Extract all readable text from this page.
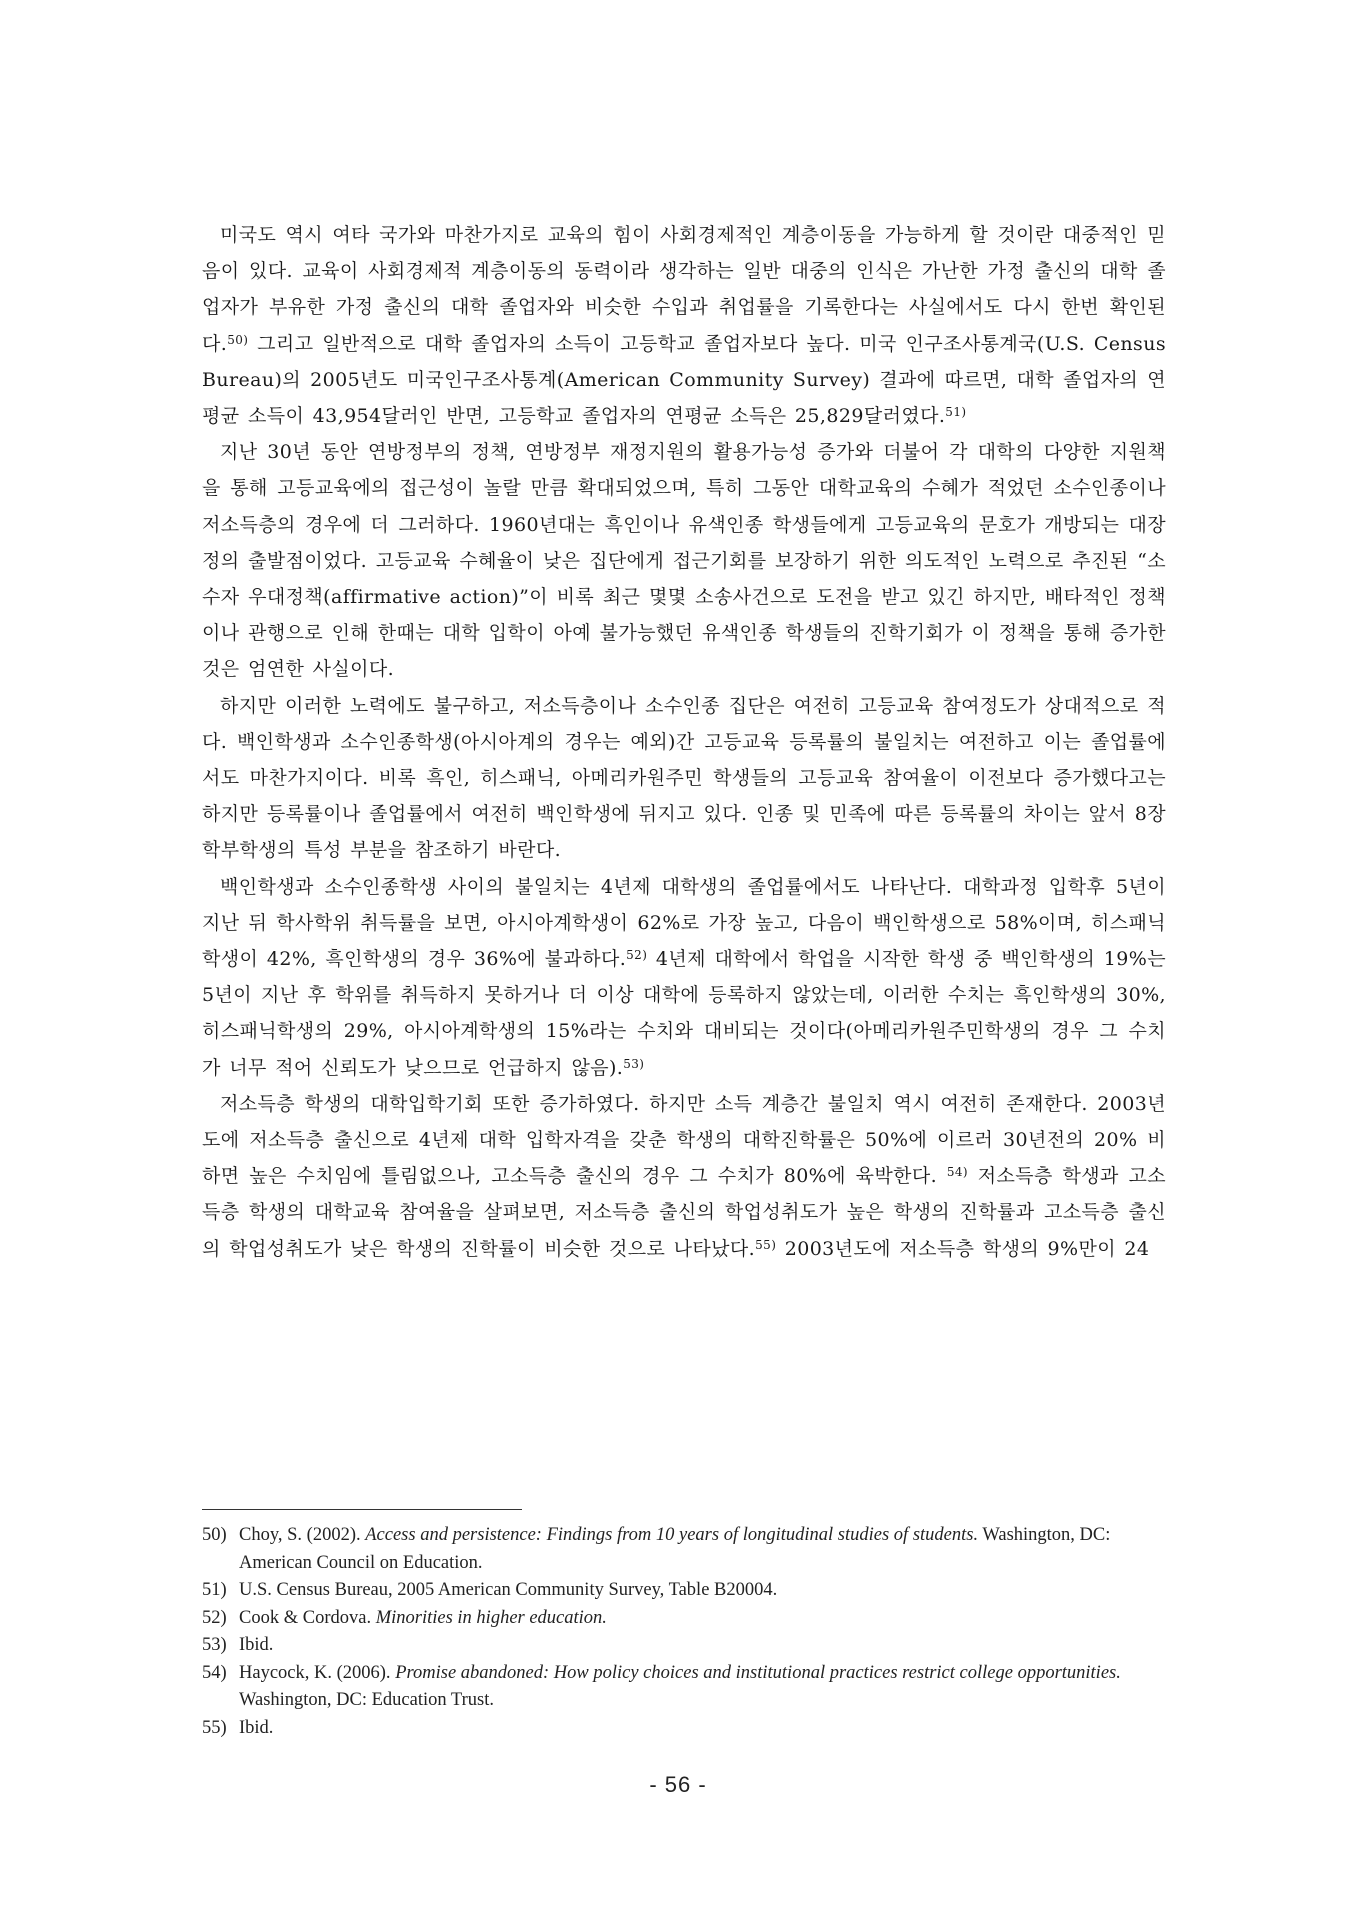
미국도 역시 여타 국가와 마찬가지로 교육의 힘이 사회경제적인 계층이동을 가능하게 할 것이란 대중적인 믿음이 있다. 교육이 사회경제적 계층이동의 동력이라 생각하는 일반 대중의 인식은 가난한 가정 출신의 대학 졸업자가 부유한 가정 출신의 대학 졸업자와 비슷한 수입과 취업률을 기록한다는 사실에서도 다시 한번 확인된다.$^{50)}$ 그리고 일반적으로 대학 졸업자의 소득이 고등학교 졸업자보다 높다. 미국 인구조사통계국(U.S. Census Bureau)의 2005년도 미국인구조사통계(American Community Survey) 결과에 따르면, 대학 졸업자의 연평균 소득이 43,954달러인 반면, 고등학교 졸업자의 연평균 소득은 25,829달러였다.$^{51)}$

지난 30년 동안 연방정부의 정책, 연방정부 재정지원의 활용가능성 증가와 더불어 각 대학의 다양한 지원책을 통해 고등교육에의 접근성이 놀랄 만큼 확대되었으며, 특히 그동안 대학교육의 수혜가 적었던 소수인종이나 저소득층의 경우에 더 그러하다. 1960년대는 흑인이나 유색인종 학생들에게 고등교육의 문호가 개방되는 대장정의 출발점이었다. 고등교육 수혜율이 낮은 집단에게 접근기회를 보장하기 위한 의도적인 노력으로 추진된 “소수자 우대정책(affirmative action)”이 비록 최근 몇몇 소송사건으로 도전을 받고 있긴 하지만, 배타적인 정책이나 관행으로 인해 한때는 대학 입학이 아예 불가능했던 유색인종 학생들의 진학기회가 이 정책을 통해 증가한 것은 엄연한 사실이다.

하지만 이러한 노력에도 불구하고, 저소득층이나 소수인종 집단은 여전히 고등교육 참여정도가 상대적으로 적다. 백인학생과 소수인종학생(아시아계의 경우는 예외)간 고등교육 등록률의 불일치는 여전하고 이는 졸업률에서도 마찬가지이다. 비록 흑인, 히스패닉, 아메리카원주민 학생들의 고등교육 참여율이 이전보다 증가했다고는 하지만 등록률이나 졸업률에서 여전히 백인학생에 뒤지고 있다. 인종 및 민족에 따른 등록률의 차이는 앞서 8장 학부학생의 특성 부분을 참조하기 바란다.

백인학생과 소수인종학생 사이의 불일치는 4년제 대학생의 졸업률에서도 나타난다. 대학과정 입학후 5년이 지난 뒤 학사학위 취득률을 보면, 아시아계학생이 62%로 가장 높고, 다음이 백인학생으로 58%이며, 히스패닉학생이 42%, 흑인학생의 경우 36%에 불과하다.$^{52)}$ 4년제 대학에서 학업을 시작한 학생 중 백인학생의 19%는 5년이 지난 후 학위를 취득하지 못하거나 더 이상 대학에 등록하지 않았는데, 이러한 수치는 흑인학생의 30%, 히스패닉학생의 29%, 아시아계학생의 15%라는 수치와 대비되는 것이다(아메리카원주민학생의 경우 그 수치가 너무 적어 신뢰도가 낮으므로 언급하지 않음).$^{53)}$

저소득층 학생의 대학입학기회 또한 증가하였다. 하지만 소득 계층간 불일치 역시 여전히 존재한다. 2003년도에 저소득층 출신으로 4년제 대학 입학자격을 갖춘 학생의 대학진학률은 50%에 이르러 30년전의 20% 비하면 높은 수치임에 틀림없으나, 고소득층 출신의 경우 그 수치가 80%에 육박한다. $^{54)}$ 저소득층 학생과 고소득층 학생의 대학교육 참여율을 살펴보면, 저소득층 출신의 학업성취도가 높은 학생의 진학률과 고소득층 출신의 학업성취도가 낮은 학생의 진학률이 비슷한 것으로 나타났다.$^{55)}$ 2003년도에 저소득층 학생의 9%만이 24

50) Choy, S. (2002). Access and persistence: Findings from 10 years of longitudinal studies of students. Washington, DC: American Council on Education.
51) U.S. Census Bureau, 2005 American Community Survey, Table B20004.
52) Cook & Cordova. Minorities in higher education.
53) Ibid.
54) Haycock, K. (2006). Promise abandoned: How policy choices and institutional practices restrict college opportunities. Washington, DC: Education Trust.
55) Ibid.
- 56 -
